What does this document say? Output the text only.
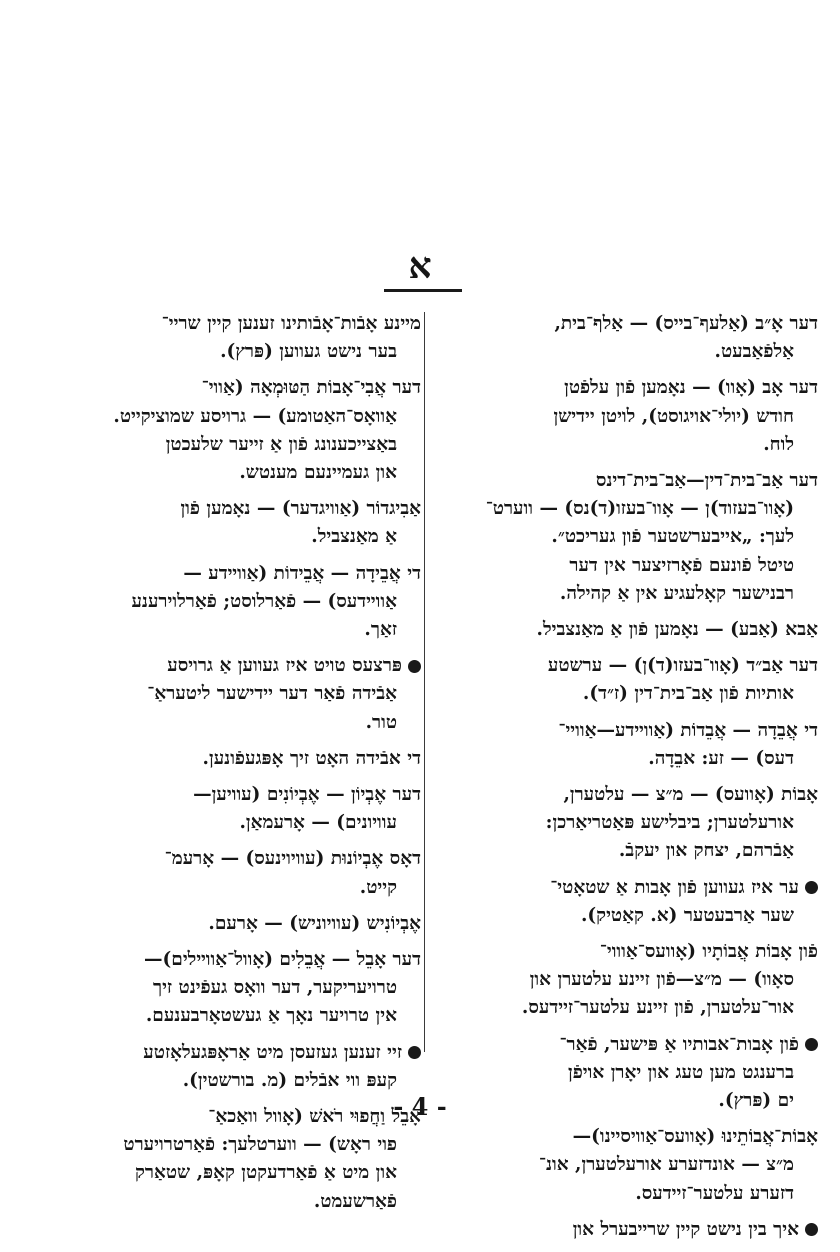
א
דער אָ״ב (אַלעף־בייס) — אַלף־בית,
אַלפֿאַבעט.
דער אָב (אָוו) — נאָמען פֿון עלפֿטן
חודש (יולי־אויגוסט), לויטן יידישן
לוח.
דער אַב־בית־דין—אַב־בית־דינס
(אָוו־בעזוד)ן — אָוו־בעזו(ד)נס) — ווערט־
לעך: „אייבערשטער פֿון געריכט״.
טיטל פֿונעם פֿאָרזיצער אין דער
רבנישער קאָלעגיע אין אַ קהילה.
אַבא (אַבע) — נאָמען פֿון אַ מאַנצביל.
דער אַב״ד (אָוו־בעזו(ד)ן) — ערשטע
אותיות פֿון אַב־בית־דין (ז״ד).
די אֲבֵדָה — אֲבֵדוֹת (אַווײדע—אַוויי־
דעס) — זע: אבֵדָה.
אָבוֹת (אָוועס) — מ״צ — עלטערן,
אורעלטערן; ביבלישע פּאַטריאַרכן:
אַבֿרהם, יצחק און יעקבֿ.
ער איז געווען פֿון אָבות אַ שטאָטי־
שער אַרבעטער (א. קאַטיק).
פֿון אָבוֹת אֲבוֹתָיו (אָוועס־אַוווי־
סאָוו) — מ״צ—פֿון זיינע עלטערן און
אור־עלטערן, פֿון זיינע עלטער־זיידעס.
פֿון אָבות־אבותיו אַ פּישער, פֿאַר־
ברענגט מען טעג און יאָרן אויפֿן
ים (פּרץ).
אָבוֹת־אֲבוֹתֵינוּ (אָוועס־אַוויסיינו)—
מ״צ — אונדזערע אורעלטערן, אונ־
דזערע עלטער־זיידעס.
איך בין נישט קיין שרייבערל און
מיינע אָבֿות־אָבֿותינו זענען קיין שריי־
בער נישט געווען (פּרץ).
דער אֲבִי־אָבוֹת הַטּוּמְאָה (אַווי־
אַוואָס־האַטומע) — גרויסע שמוציקייט.
באַצייכענונג פֿון אַ זייער שלעכטן
און געמיינעם מענטש.
אַבִיגדוֹר (אַוויגדער) — נאָמען פֿון
אַ מאַנצביל.
די אֲבֵידָה — אֲבֵידוֹת (אַווײדע —
אַווײדעס) — פֿאַרלוסט; פֿאַרלוירענע
זאַך.
פּרצעס טויט איז געווען אַ גרויסע
אַבֿידה פֿאַר דער יידישער ליטעראַ־
טור.
די אבֿידה האָט זיך אָפּגעפֿונען.
דער אֶבְיוֹן — אֶבְיוֹנִים (עוויען—
עוויונים) — אָרעמאַן.
דאָס אֶבְיוֹנוּת (עוויוינעס) — אָרעמ־
קייט.
אֶבְיוֹנִיש (עוויוניש) — אָרעם.
דער אָבֵל — אֲבֵלִים (אָוול־אַווײלים)—
טרויעריקער, דער וואָס געפֿינט זיך
אין טרויער נאָך אַ געשטאָרבענעם.
זיי זענען געזעסן מיט אַראָפּגעלאָזטע
קעפּ ווי אבֿלים (מ. בורשטין).
אָבֵל וַחֲפוּי רֹאשׁ (אָוול וואַכאַ־
פוי ראָש) — ווערטלעך: פֿאַרטרויערט
און מיט אַ פֿאַרדעקטן קאָפּ, שטאַרק
פֿאַרשעמט.
- 4 -
